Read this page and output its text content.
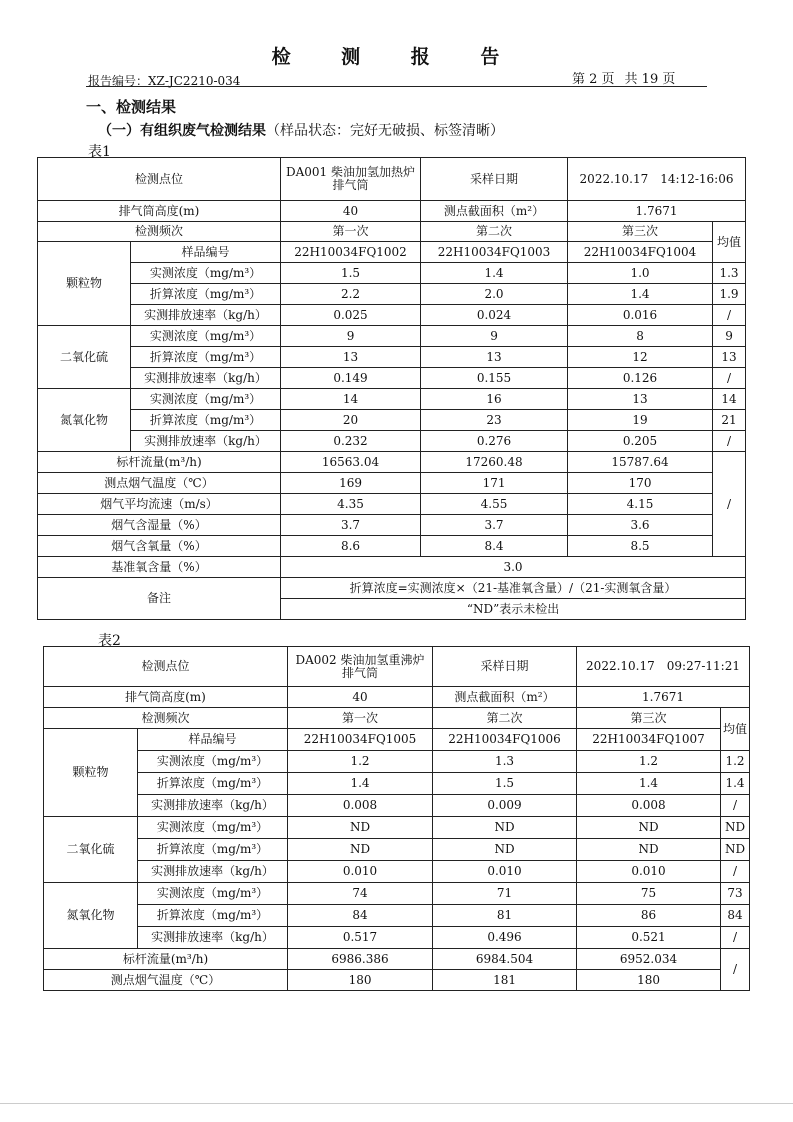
检 测 报 告
报告编号：XZ-JC2210-034	第 2 页 共 19 页
一、检测结果
（一）有组织废气检测结果（样品状态：完好无破损、标签清晰）
表1
检测点位		DA001 柴油加氢加热炉排气筒	采样日期	2022.10.17　14:12-16:06	
排气筒高度(m)		40	测点截面积（m²）	1.7671	
检测频次		第一次	第二次	第三次	均值
颗粒物	样品编号	22H10034FQ1002	22H10034FQ1003	22H10034FQ1004	
	实测浓度（mg/m³）	1.5	1.4	1.0	1.3
	折算浓度（mg/m³）	2.2	2.0	1.4	1.9
	实测排放速率（kg/h）	0.025	0.024	0.016	/
二氧化硫	实测浓度（mg/m³）	9	9	8	9
	折算浓度（mg/m³）	13	13	12	13
	实测排放速率（kg/h）	0.149	0.155	0.126	/
氮氧化物	实测浓度（mg/m³）	14	16	13	14
	折算浓度（mg/m³）	20	23	19	21
	实测排放速率（kg/h）	0.232	0.276	0.205	/
标杆流量(m³/h)		16563.04	17260.48	15787.64	/
测点烟气温度（℃）		169	171	170	
烟气平均流速（m/s）		4.35	4.55	4.15	
烟气含湿量（%）		3.7	3.7	3.6	
烟气含氧量（%）		8.6	8.4	8.5	
基准氧含量（%）		3.0			
备注		折算浓度=实测浓度×（21-基准氧含量）/（21-实测氧含量）			
		“ND”表示未检出			
表2
检测点位		DA002 柴油加氢重沸炉排气筒	采样日期	2022.10.17　09:27-11:21	
排气筒高度(m)		40	测点截面积（m²）	1.7671	
检测频次		第一次	第二次	第三次	均值
颗粒物	样品编号	22H10034FQ1005	22H10034FQ1006	22H10034FQ1007	
	实测浓度（mg/m³）	1.2	1.3	1.2	1.2
	折算浓度（mg/m³）	1.4	1.5	1.4	1.4
	实测排放速率（kg/h）	0.008	0.009	0.008	/
二氧化硫	实测浓度（mg/m³）	ND	ND	ND	ND
	折算浓度（mg/m³）	ND	ND	ND	ND
	实测排放速率（kg/h）	0.010	0.010	0.010	/
氮氧化物	实测浓度（mg/m³）	74	71	75	73
	折算浓度（mg/m³）	84	81	86	84
	实测排放速率（kg/h）	0.517	0.496	0.521	/
标杆流量(m³/h)		6986.386	6984.504	6952.034	/
测点烟气温度（℃）		180	181	180	
